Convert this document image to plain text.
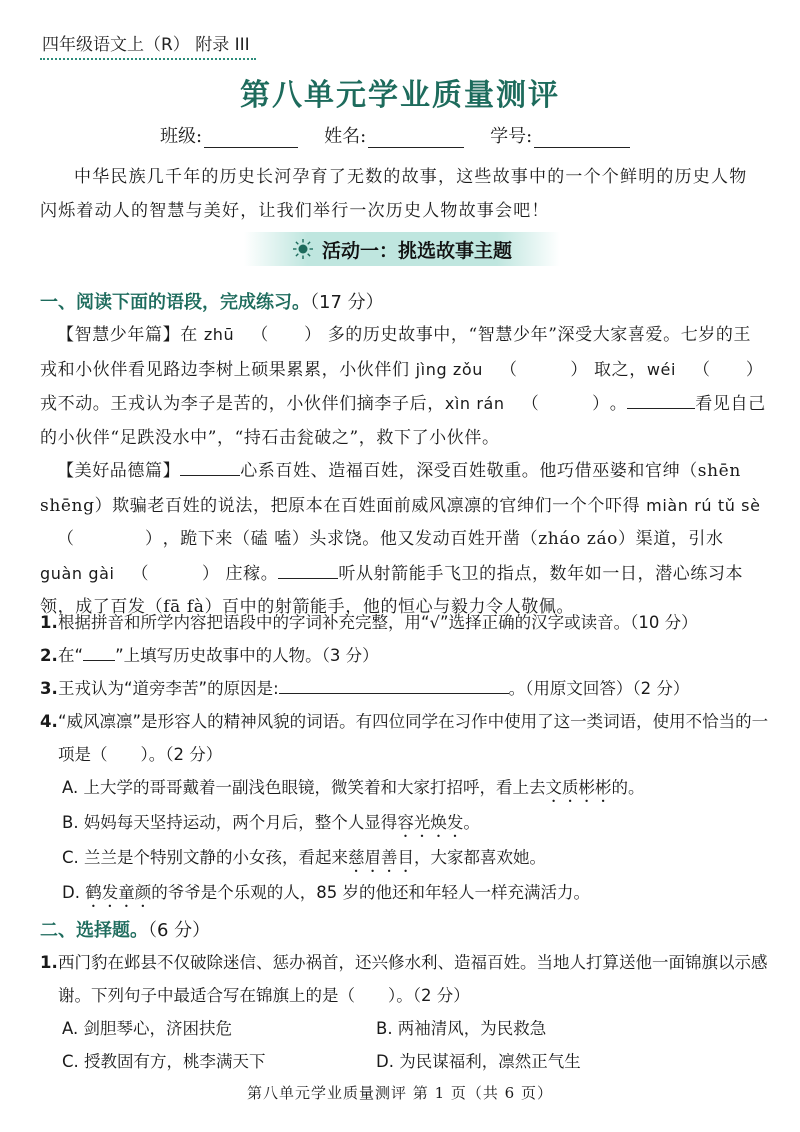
四年级语文上（R） 附录 III
第八单元学业质量测评
班级:	姓名:	学号:
中华民族几千年的历史长河孕育了无数的故事，这些故事中的一个个鲜明的历史人物闪烁着动人的智慧与美好，让我们举行一次历史人物故事会吧！
活动一：挑选故事主题
一、阅读下面的语段，完成练习。（17 分）

【智慧少年篇】在 zhū （  ） 多的历史故事中，“智慧少年”深受大家喜爱。七岁的王戎和小伙伴看见路边李树上硕果累累，小伙伴们 jìng zǒu （   ） 取之，wéi （  ） 戎不动。王戎认为李子是苦的，小伙伴们摘李子后，xìn rán （   ）。	看见自己的小伙伴“足跌没水中”，“持石击瓮破之”，救下了小伙伴。

【美好品德篇】	心系百姓、造福百姓，深受百姓敬重。他巧借巫婆和官绅（shēn shēng）欺骗老百姓的说法，把原本在百姓面前威风凛凛的官绅们一个个吓得 miàn rú tǔ sè（    ），跪下来（磕 嗑）头求饶。他又发动百姓开凿（zháo záo）渠道，引水 guàn gài （   ） 庄稼。	听从射箭能手飞卫的指点，数年如一日，潜心练习本领，成了百发（fā fà）百中的射箭能手，他的恒心与毅力令人敬佩。

1. 根据拼音和所学内容把语段中的字词补充完整，用“√”选择正确的汉字或读音。（10 分）
2. 在“ ”上填写历史故事中的人物。（3 分）
3. 王戎认为“道旁李苦”的原因是:	。（用原文回答）（2 分）
4. “威风凛凛”是形容人的精神风貌的词语。有四位同学在习作中使用了这一类词语，使用不恰当的一项是（   ）。（2 分）
A. 上大学的哥哥戴着一副浅色眼镜，微笑着和大家打招呼，看上去文质彬彬的。
B. 妈妈每天坚持运动，两个月后，整个人显得容光焕发。
C. 兰兰是个特别文静的小女孩，看起来慈眉善目，大家都喜欢她。
D. 鹤发童颜的爷爷是个乐观的人，85 岁的他还和年轻人一样充满活力。
二、选择题。（6 分）
1. 西门豹在邺县不仅破除迷信、惩办祸首，还兴修水利、造福百姓。当地人打算送他一面锦旗以示感谢。下列句子中最适合写在锦旗上的是（   ）。（2 分）
A. 剑胆琴心，济困扶危	B. 两袖清风，为民救急
C. 授教固有方，桃李满天下	D. 为民谋福利，凛然正气生
第八单元学业质量测评 第 1 页（共 6 页）
